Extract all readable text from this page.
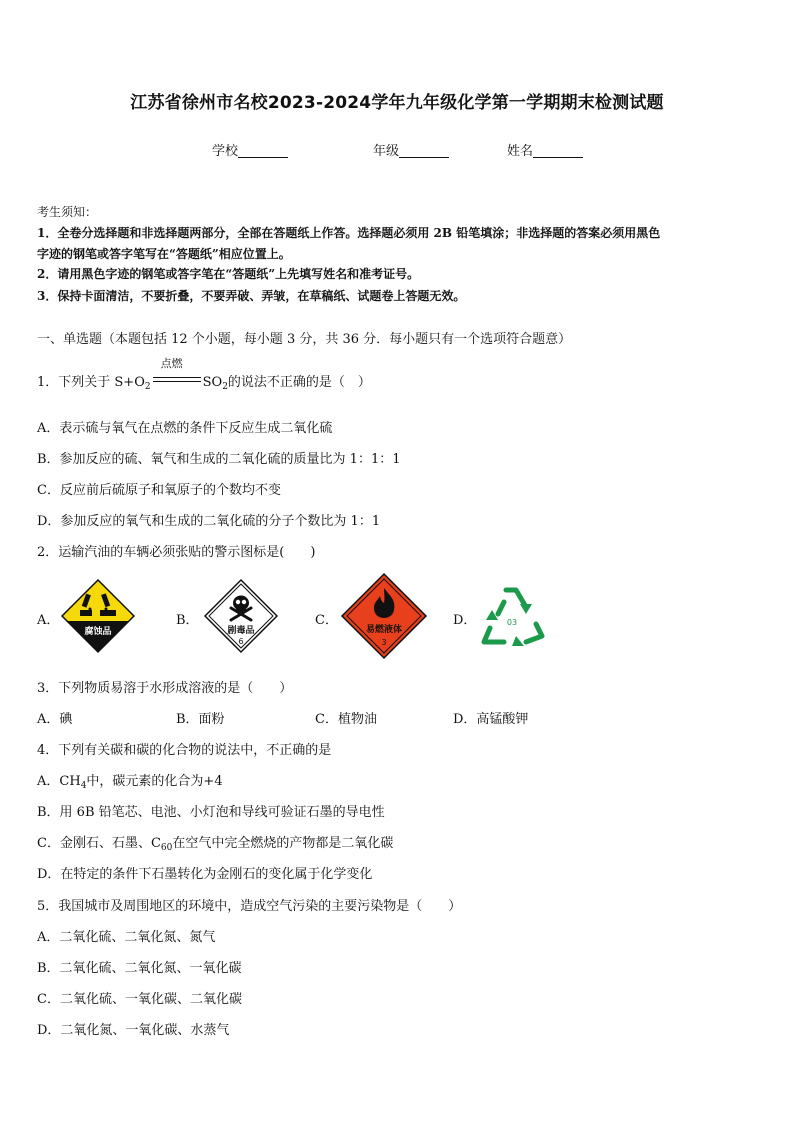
江苏省徐州市名校2023-2024学年九年级化学第一学期期末检测试题
学校	年级	姓名
考生须知：
1．全卷分选择题和非选择题两部分，全部在答题纸上作答。选择题必须用 2B 铅笔填涂；非选择题的答案必须用黑色
字迹的钢笔或答字笔写在“答题纸”相应位置上。
2．请用黑色字迹的钢笔或答字笔在“答题纸”上先填写姓名和准考证号。
3．保持卡面清洁，不要折叠，不要弄破、弄皱，在草稿纸、试题卷上答题无效。
一、单选题（本题包括 12 个小题，每小题 3 分，共 36 分．每小题只有一个选项符合题意）
1．下列关于 $S+O_2$
点燃
$SO_2$的说法不正确的是（　）
A．表示硫与氧气在点燃的条件下反应生成二氧化硫
B．参加反应的硫、氧气和生成的二氧化硫的质量比为 1：1：1
C．反应前后硫原子和氧原子的个数均不变
D．参加反应的氧气和生成的二氧化硫的分子个数比为 1：1
2．运输汽油的车辆必须张贴的警示图标是(　　)
A．	B．	C．	D．
腐蚀品	剧毒品
6
易燃液体
3
03
3．下列物质易溶于水形成溶液的是（　　）
A．碘	B．面粉	C．植物油	D．高锰酸钾
4．下列有关碳和碳的化合物的说法中，不正确的是
A．$CH_4$中，碳元素的化合为+4
B．用 6B 铅笔芯、电池、小灯泡和导线可验证石墨的导电性
C．金刚石、石墨、$C_{60}$在空气中完全燃烧的产物都是二氧化碳
D．在特定的条件下石墨转化为金刚石的变化属于化学变化
5．我国城市及周围地区的环境中，造成空气污染的主要污染物是（　　）
A．二氧化硫、二氧化氮、氮气
B．二氧化硫、二氧化氮、一氧化碳
C．二氧化硫、一氧化碳、二氧化碳
D．二氧化氮、一氧化碳、水蒸气
